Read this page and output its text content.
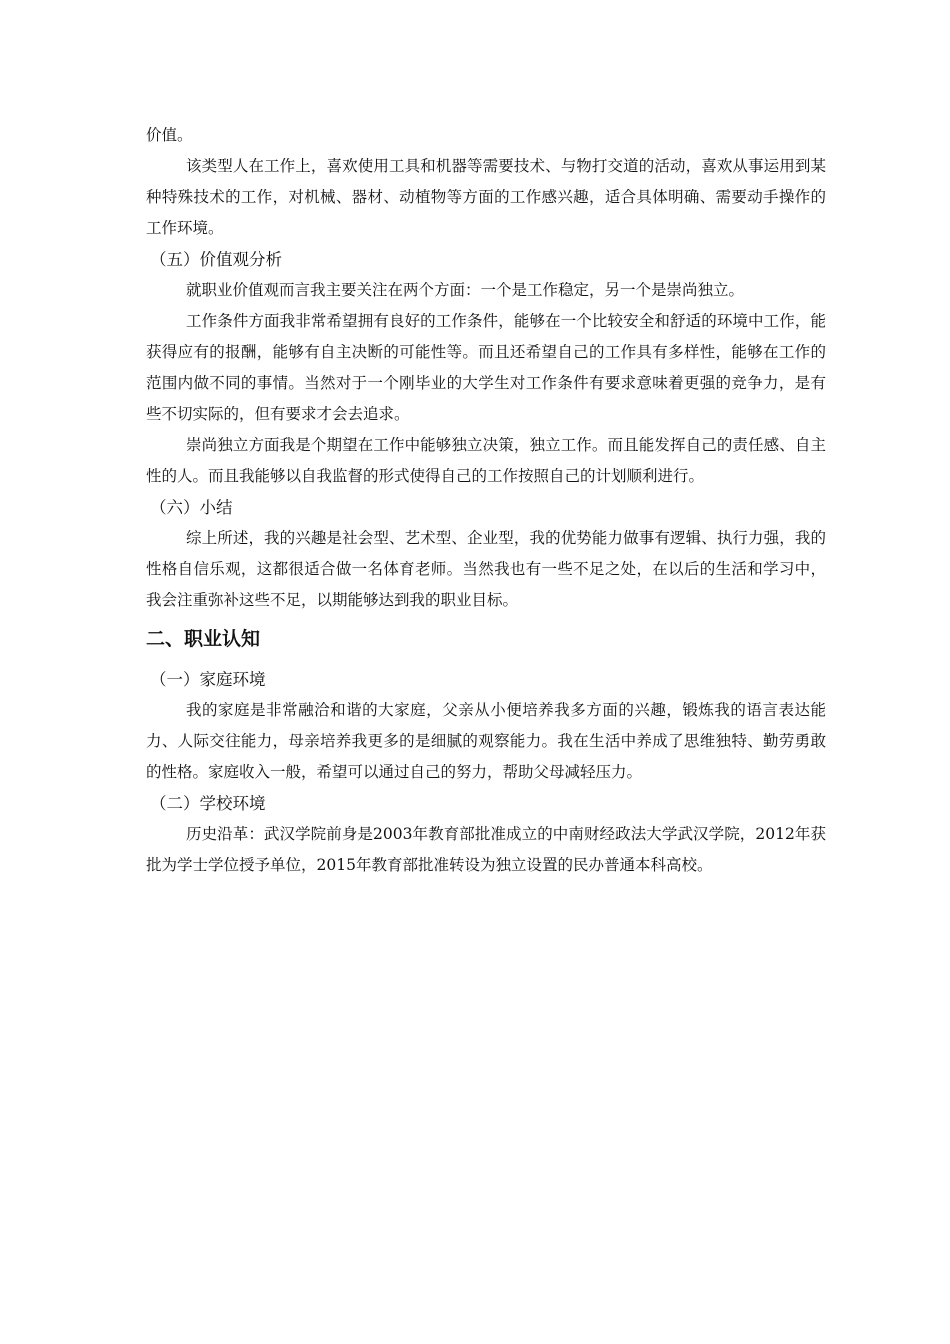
价值。

该类型人在工作上，喜欢使用工具和机器等需要技术、与物打交道的活动，喜欢从事运用到某种特殊技术的工作，对机械、器材、动植物等方面的工作感兴趣，适合具体明确、需要动手操作的工作环境。

（五）价值观分析

就职业价值观而言我主要关注在两个方面：一个是工作稳定，另一个是崇尚独立。

工作条件方面我非常希望拥有良好的工作条件，能够在一个比较安全和舒适的环境中工作，能获得应有的报酬，能够有自主决断的可能性等。而且还希望自己的工作具有多样性，能够在工作的范围内做不同的事情。当然对于一个刚毕业的大学生对工作条件有要求意味着更强的竞争力，是有些不切实际的，但有要求才会去追求。

崇尚独立方面我是个期望在工作中能够独立决策，独立工作。而且能发挥自己的责任感、自主性的人。而且我能够以自我监督的形式使得自己的工作按照自己的计划顺利进行。

（六）小结

综上所述，我的兴趣是社会型、艺术型、企业型，我的优势能力做事有逻辑、执行力强，我的性格自信乐观，这都很适合做一名体育老师。当然我也有一些不足之处，在以后的生活和学习中，我会注重弥补这些不足，以期能够达到我的职业目标。

二、职业认知

（一）家庭环境

我的家庭是非常融洽和谐的大家庭，父亲从小便培养我多方面的兴趣，锻炼我的语言表达能力、人际交往能力，母亲培养我更多的是细腻的观察能力。我在生活中养成了思维独特、勤劳勇敢的性格。家庭收入一般，希望可以通过自己的努力，帮助父母减轻压力。

（二）学校环境

历史沿革：武汉学院前身是2003年教育部批准成立的中南财经政法大学武汉学院，2012年获批为学士学位授予单位，2015年教育部批准转设为独立设置的民办普通本科高校。
